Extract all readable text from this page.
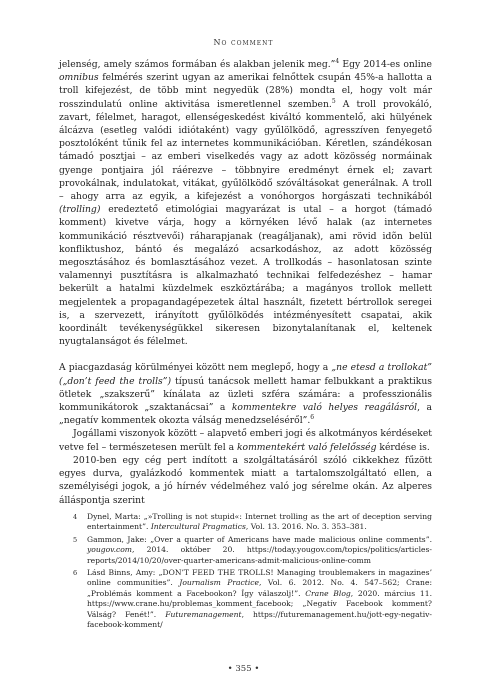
No comment

jelenség, amely számos formában és alakban jelenik meg.”$^4$ Egy 2014-es online omnibus felmérés szerint ugyan az amerikai felnőttek csupán 45%-a hallotta a troll kifejezést, de több mint negyedük (28%) mondta el, hogy volt már rosszindulatú online aktivitása ismeretlennel szemben.$^5$ A troll provokáló, zavart, félelmet, haragot, ellenségeskedést kiváltó kommentelő, aki hülyének álcázva (esetleg valódi idiótaként) vagy gyűlölködő, agresszíven fenyegető posztolóként tűnik fel az internetes kommunikációban. Kéretlen, szándékosan támadó posztjai – az emberi viselkedés vagy az adott közösség normáinak gyenge pontjaira jól ráérezve – többnyire eredményt érnek el; zavart provokálnak, indulatokat, vitákat, gyűlölködő szóváltásokat generálnak. A troll – ahogy arra az egyik, a kifejezést a vonóhorgos horgászati technikából (trolling) eredeztető etimológiai magyarázat is utal – a horgot (támadó komment) kivetve várja, hogy a környéken lévő halak (az internetes kommunikáció résztvevői) ráharapjanak (reagáljanak), ami rövid idõn belül konfliktushoz, bántó és megalázó acsarkodáshoz, az adott közösség megosztásához és bomlasztásához vezet. A trollkodás – hasonlatosan szinte valamennyi pusztításra is alkalmazható technikai felfedezéshez – hamar bekerült a hatalmi küzdelmek eszköztárába; a magányos trollok mellett megjelentek a propagandagépezetek által használt, fizetett bértrollok seregei is, a szervezett, irányított gyűlölködés intézményesített csapatai, akik koordinált tevékenységükkel sikeresen bizonytalanítanak el, keltenek nyugtalanságot és félelmet.

A piacgazdaság körülményei között nem meglepő, hogy a „ne etesd a trollokat” („don’t feed the trolls”) típusú tanácsok mellett hamar felbukkant a praktikus ötletek „szakszerű” kínálata az üzleti szféra számára: a professzionális kommunikátorok „szaktanácsai” a kommentekre való helyes reagálásról, a „negatív kommentek okozta válság menedzseléséről”.$^6$

Jogállami viszonyok között – alapvető emberi jogi és alkotmányos kérdéseket vetve fel – természetesen merült fel a kommentekért való felelősség kérdése is.

2010-ben egy cég pert indított a szolgáltatásáról szóló cikkekhez fűzött egyes durva, gyalázkodó kommentek miatt a tartalomszolgáltató ellen, a személyiségi jogok, a jó hírnév védelméhez való jog sérelme okán. Az alperes álláspontja szerint

4 Dynel, Marta: „»Trolling is not stupid«: Internet trolling as the art of deception serving entertainment”. Intercultural Pragmatics, Vol. 13. 2016. No. 3. 353–381.
5 Gammon, Jake: „Over a quarter of Americans have made malicious online comments”. yougov.com, 2014. október 20. https://today.yougov.com/topics/politics/articles-reports/2014/10/20/over-quarter-americans-admit-malicious-online-comm
6 Lásd Binns, Amy: „DON’T FEED THE TROLLS! Managing troublemakers in magazines’ online communities”. Journalism Practice, Vol. 6. 2012. No. 4. 547–562; Crane: „Problémás komment a Facebookon? Így válaszolj!”. Crane Blog, 2020. március 11. https://www.crane.hu/problemas_komment_facebook; „Negatív Facebook komment? Válság? Fenét!”. Futuremanagement, https://futuremanagement.hu/jott-egy-negativ-facebook-komment/
• 355 •
